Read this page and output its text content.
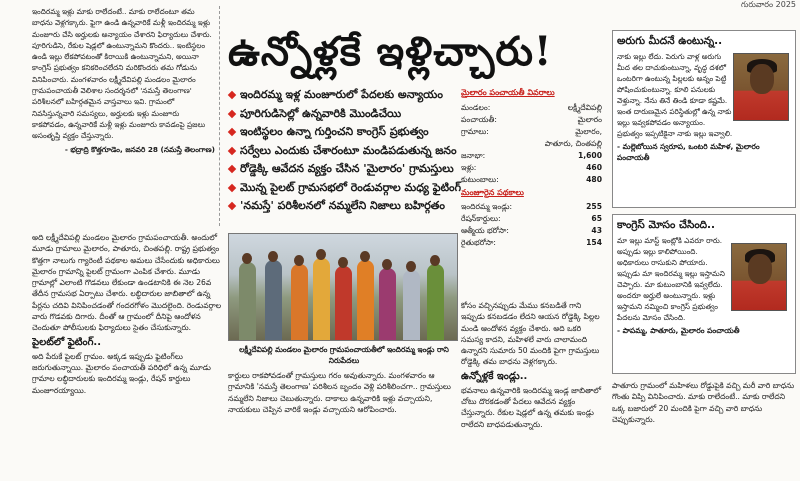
గురువారం 2025
ఇందిరమ్మ ఇళ్లు మాకు రాలేదంటే.. మాకు రాలేదంటూ తమ బాధను వెళ్లగక్కారు. ఫైగా ఉండి ఉన్నవారికే మళ్లీ ఇందిరమ్మ ఇళ్లు మంజూరు చేసి అర్హులకు అన్యాయం చేశారని ఫిర్యాదులు చేశారు. పూరిగుడిసె, రేకుల షెడ్లలో ఉంటున్నామని కొందరు.. ఇంటిస్థలం ఉండి ఇల్లు లేకపోవటంతో కిరాయికి ఉంటున్నామని, అయినా కాంగ్రెస్ ప్రభుత్వం కనికరించలేదని మరికొందరు తమ గోడును వినిపించారు. మంగళవారం లక్ష్మీదేవిపల్లి మండలం మైలారం గ్రామపంచాయతీ వెలిశాల సందర్శనలో 'నమస్తే తెలంగాణ' పరిశీలనలో బహిర్గతమైన వాస్తవాలు ఇవి. గ్రామంలో నివసిస్తున్నవారి సమస్యలు, అర్హులకు ఇళ్లు మంజూరు కాకపోవడం, ఉన్నవారికే మళ్లీ ఇళ్లు మంజూరు కావడంపై ప్రజలు అసంతృప్తి వ్యక్తం చేస్తున్నారు.
- భద్రాద్రి కొత్తగూడెం, జనవరి 28 (నమస్తే తెలంగాణ)
ఉన్నోళ్లకే ఇళ్లిచ్చారు!
ఇందిరమ్మ ఇళ్ల మంజూరులో పేదలకు అన్యాయం
పూరిగుడిసెల్లో ఉన్నవారికి మొండిచేయి
ఇంటిస్థలం ఉన్నా గుర్తించని కాంగ్రెస్ ప్రభుత్వం
సర్వేలు ఎందుకు చేశారంటూ మండిపడుతున్న జనం
రోడ్డెక్కి ఆవేదన వ్యక్తం చేసిన 'మైలారం' గ్రామస్తులు
మొన్న పైలట్ గ్రామసభలో రెండువర్గాల మధ్య ఫైటింగ్
'నమస్తే' పరిశీలనలో నమ్మలేని నిజాలు బహిర్గతం
మైలారం పంచాయతీ వివరాలు
మండలం:	లక్ష్మీదేవిపల్లి
పంచాయతీ:	మైలారం
గ్రామాలు:	మైలారం,
పాతూరు, చింతపల్లి
జనాభా:	1,600
ఇళ్లు:	460
కుటుంబాలు:	480
మంజూరైన పథకాలు
ఇందిరమ్మ ఇండ్లు:	255
రేషన్‌కార్డులు:	65
ఆత్మీయ భరోసా:	43
రైతుభరోసా:	154
లక్ష్మీదేవిపల్లి మండలం మైలారం గ్రామపంచాయతీలో ఇందిరమ్మ ఇండ్లు రాని నిరుపేదలు
అరుగు మీదనే ఉంటున్న..
నాకు ఇల్లు లేదు. పెరుగు వాళ్ల అరుగు మీద తల దాచుకుంటున్నా, వృద్ధ దశలో ఒంటరిగా ఉంటున్న పిల్లలకు అన్నం పెట్టి పోషించుకుంటున్నా. కూలి పనులకు వెళ్తున్నా. నేను తినే తిండి కూడా కష్టమే. ఇంత దారుణమైన పరిస్థితుల్లో ఉన్న నాకు ఇల్లు ఇవ్వకపోవడం అన్యాయం. ప్రభుత్వం ఇప్పటికైనా నాకు ఇల్లు ఇవ్వాలి.
- మల్లెబోయిన స్వరూప, ఒంటరి మహిళ, మైలారం పంచాయతీ
కాంగ్రెస్ మోసం చేసింది..
మా ఇల్లు మాస్ట్ ఇంట్లోకి ఎవరూ రారు. అప్పుడు ఇల్లు కాలిపోయింది. అధికారులు రాసుకుని పోయారు. ఇప్పుడు మా ఇందిరమ్మ ఇల్లు ఇస్తామని చెప్పారు. మా కుటుంబానికి ఇవ్వలేదు. అందరూ అర్హులే అంటున్నారు. ఇళ్లు ఇస్తామని నమ్మించి కాంగ్రెస్ ప్రభుత్వం పేదలను మోసం చేసింది.
- పాపమ్మ, పాతూరు, మైలారం పంచాయతీ
అది లక్ష్మీదేవిపల్లి మండలం మైలారం గ్రామపంచాయతీ. అందులో మూడు గ్రామాలు మైలారం, పాతూరు, చింతపల్లి. రాష్ట్ర ప్రభుత్వం కొత్తగా నాలుగు గ్యారెంటీ పథకాల అమలు చేసేందుకు అధికారులు మైలారం గ్రామాన్ని పైలట్ గ్రామంగా ఎంపిక చేశారు. మూడు గ్రామాల్లో ఎలాంటి గొడవలు లేకుండా ఉండటానికి ఈ నెల 26వ తేదీన గ్రామసభ ఏర్పాటు చేశారు. లబ్ధిదారుల జాబితాలో ఉన్న పేర్లను చదివి వినిపించడంతో గందరగోళం మొదలైంది. రెండువర్గాల వారు గొడవకు దిగారు. దీంతో ఆ గ్రామంలో దీనిపై ఆందోళన చెందుతూ పోలీసులకు ఫిర్యాదులు సైతం చేసుకున్నారు.
పైలట్‌లో ఫైటింగ్..
అది పేరుకే పైలట్ గ్రామం. అక్కడ ఇప్పుడు ఫైటింగ్‌లు జరుగుతున్నాయి. మైలారం పంచాయతీ పరిధిలో ఉన్న మూడు గ్రామాల లబ్ధిదారులకు ఇందిరమ్మ ఇండ్లు, రేషన్ కార్డులు మంజూరయ్యాయి.
కార్డులు రాకపోవడంతో గ్రామస్తులు గరం అవుతున్నారు. మంగళవారం ఆ గ్రామానికి 'నమస్తే తెలంగాణ' పరిశీలన బృందం వెళ్లి పరిశీలించగా.. గ్రామస్తులు నమ్మలేని నిజాలు చెబుతున్నారు. దాకాలు ఉన్నవారికి ఇళ్లు వచ్చాయని, నాయకులు చెప్పిన వారికే ఇండ్లు వచ్చాయని ఆరోపించారు.
కోసం వచ్చినప్పుడు మేము కనబడితే గాని ఇప్పుడు కనబడడం లేదని ఆయన రోడ్డెక్కి పిల్లల మండి ఆందోళన వ్యక్తం చేశారు. అది ఒకరి సమస్య కాదని, మహిళలే వారు చాలామంది ఉన్నారని సుమారు 50 మందికి పైగా గ్రామస్తులు రోడ్డెక్కి తమ బాధను వెళ్లగక్కారు.
ఉన్నోళ్లకే ఇండ్లు..
భవనాలు ఉన్నవారికి ఇందిరమ్మ ఇండ్ల జాబితాలో చోటు దొరకడంతో పేదలు ఆవేదన వ్యక్తం చేస్తున్నారు. రేకుల షెడ్లలో ఉన్న తమకు ఇండ్లు రాలేదని బాధపడుతున్నారు.
పాతూరు గ్రామంలో మహిళలు రోడ్డుపైకి వచ్చి మరీ వారి బాధను గొంతు విప్పి వినిపించారు. మాకు రాలేదంటే.. మాకు రాలేదని ఒక్క బజారులో 20 మందికి పైగా వచ్చి వారి బాధను చెప్పుకున్నారు.
